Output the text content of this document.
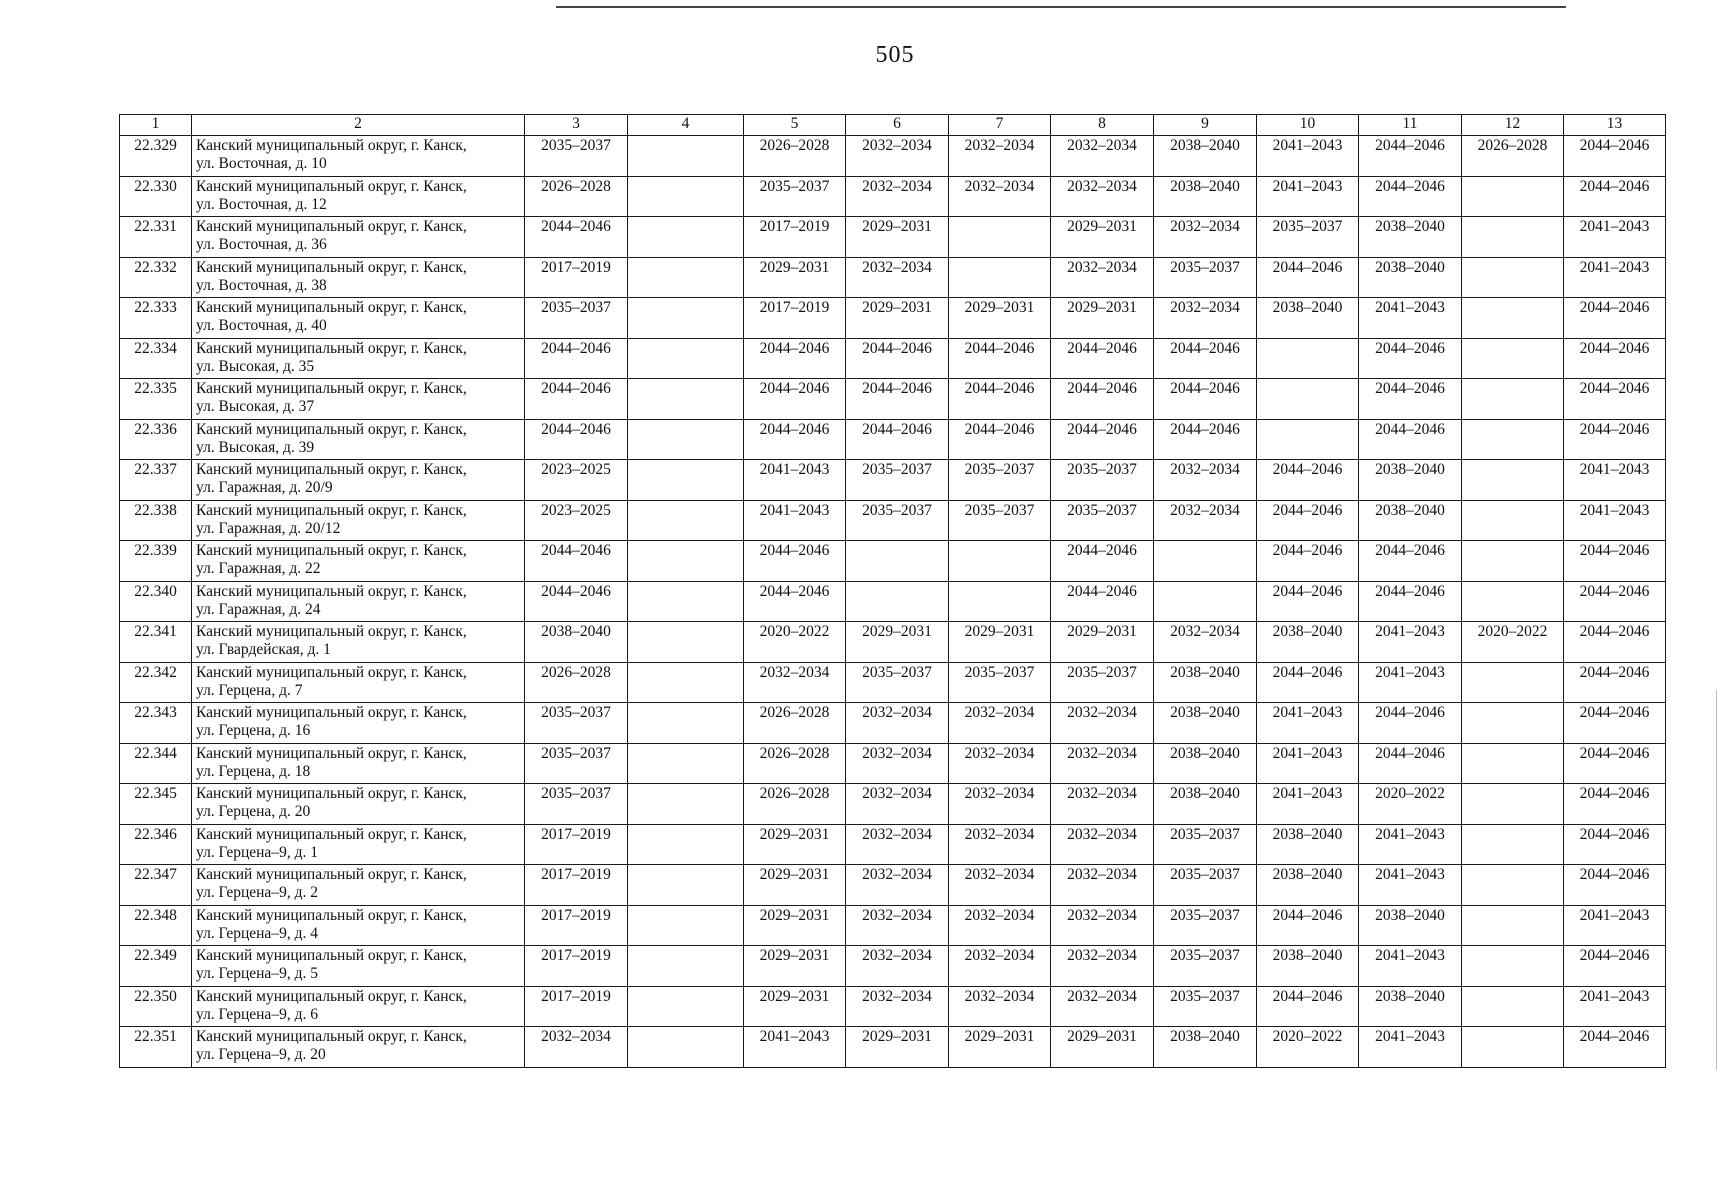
505
1	2	3	4	5	6	7	8	9	10	11	12	13
22.329	Канский муниципальный округ, г. Канск,
ул. Восточная, д. 10	2035–2037		2026–2028	2032–2034	2032–2034	2032–2034	2038–2040	2041–2043	2044–2046	2026–2028	2044–2046
22.330	Канский муниципальный округ, г. Канск,
ул. Восточная, д. 12	2026–2028		2035–2037	2032–2034	2032–2034	2032–2034	2038–2040	2041–2043	2044–2046		2044–2046
22.331	Канский муниципальный округ, г. Канск,
ул. Восточная, д. 36	2044–2046		2017–2019	2029–2031		2029–2031	2032–2034	2035–2037	2038–2040		2041–2043
22.332	Канский муниципальный округ, г. Канск,
ул. Восточная, д. 38	2017–2019		2029–2031	2032–2034		2032–2034	2035–2037	2044–2046	2038–2040		2041–2043
22.333	Канский муниципальный округ, г. Канск,
ул. Восточная, д. 40	2035–2037		2017–2019	2029–2031	2029–2031	2029–2031	2032–2034	2038–2040	2041–2043		2044–2046
22.334	Канский муниципальный округ, г. Канск,
ул. Высокая, д. 35	2044–2046		2044–2046	2044–2046	2044–2046	2044–2046	2044–2046		2044–2046		2044–2046
22.335	Канский муниципальный округ, г. Канск,
ул. Высокая, д. 37	2044–2046		2044–2046	2044–2046	2044–2046	2044–2046	2044–2046		2044–2046		2044–2046
22.336	Канский муниципальный округ, г. Канск,
ул. Высокая, д. 39	2044–2046		2044–2046	2044–2046	2044–2046	2044–2046	2044–2046		2044–2046		2044–2046
22.337	Канский муниципальный округ, г. Канск,
ул. Гаражная, д. 20/9	2023–2025		2041–2043	2035–2037	2035–2037	2035–2037	2032–2034	2044–2046	2038–2040		2041–2043
22.338	Канский муниципальный округ, г. Канск,
ул. Гаражная, д. 20/12	2023–2025		2041–2043	2035–2037	2035–2037	2035–2037	2032–2034	2044–2046	2038–2040		2041–2043
22.339	Канский муниципальный округ, г. Канск,
ул. Гаражная, д. 22	2044–2046		2044–2046			2044–2046		2044–2046	2044–2046		2044–2046
22.340	Канский муниципальный округ, г. Канск,
ул. Гаражная, д. 24	2044–2046		2044–2046			2044–2046		2044–2046	2044–2046		2044–2046
22.341	Канский муниципальный округ, г. Канск,
ул. Гвардейская, д. 1	2038–2040		2020–2022	2029–2031	2029–2031	2029–2031	2032–2034	2038–2040	2041–2043	2020–2022	2044–2046
22.342	Канский муниципальный округ, г. Канск,
ул. Герцена, д. 7	2026–2028		2032–2034	2035–2037	2035–2037	2035–2037	2038–2040	2044–2046	2041–2043		2044–2046
22.343	Канский муниципальный округ, г. Канск,
ул. Герцена, д. 16	2035–2037		2026–2028	2032–2034	2032–2034	2032–2034	2038–2040	2041–2043	2044–2046		2044–2046
22.344	Канский муниципальный округ, г. Канск,
ул. Герцена, д. 18	2035–2037		2026–2028	2032–2034	2032–2034	2032–2034	2038–2040	2041–2043	2044–2046		2044–2046
22.345	Канский муниципальный округ, г. Канск,
ул. Герцена, д. 20	2035–2037		2026–2028	2032–2034	2032–2034	2032–2034	2038–2040	2041–2043	2020–2022		2044–2046
22.346	Канский муниципальный округ, г. Канск,
ул. Герцена–9, д. 1	2017–2019		2029–2031	2032–2034	2032–2034	2032–2034	2035–2037	2038–2040	2041–2043		2044–2046
22.347	Канский муниципальный округ, г. Канск,
ул. Герцена–9, д. 2	2017–2019		2029–2031	2032–2034	2032–2034	2032–2034	2035–2037	2038–2040	2041–2043		2044–2046
22.348	Канский муниципальный округ, г. Канск,
ул. Герцена–9, д. 4	2017–2019		2029–2031	2032–2034	2032–2034	2032–2034	2035–2037	2044–2046	2038–2040		2041–2043
22.349	Канский муниципальный округ, г. Канск,
ул. Герцена–9, д. 5	2017–2019		2029–2031	2032–2034	2032–2034	2032–2034	2035–2037	2038–2040	2041–2043		2044–2046
22.350	Канский муниципальный округ, г. Канск,
ул. Герцена–9, д. 6	2017–2019		2029–2031	2032–2034	2032–2034	2032–2034	2035–2037	2044–2046	2038–2040		2041–2043
22.351	Канский муниципальный округ, г. Канск,
ул. Герцена–9, д. 20	2032–2034		2041–2043	2029–2031	2029–2031	2029–2031	2038–2040	2020–2022	2041–2043		2044–2046
